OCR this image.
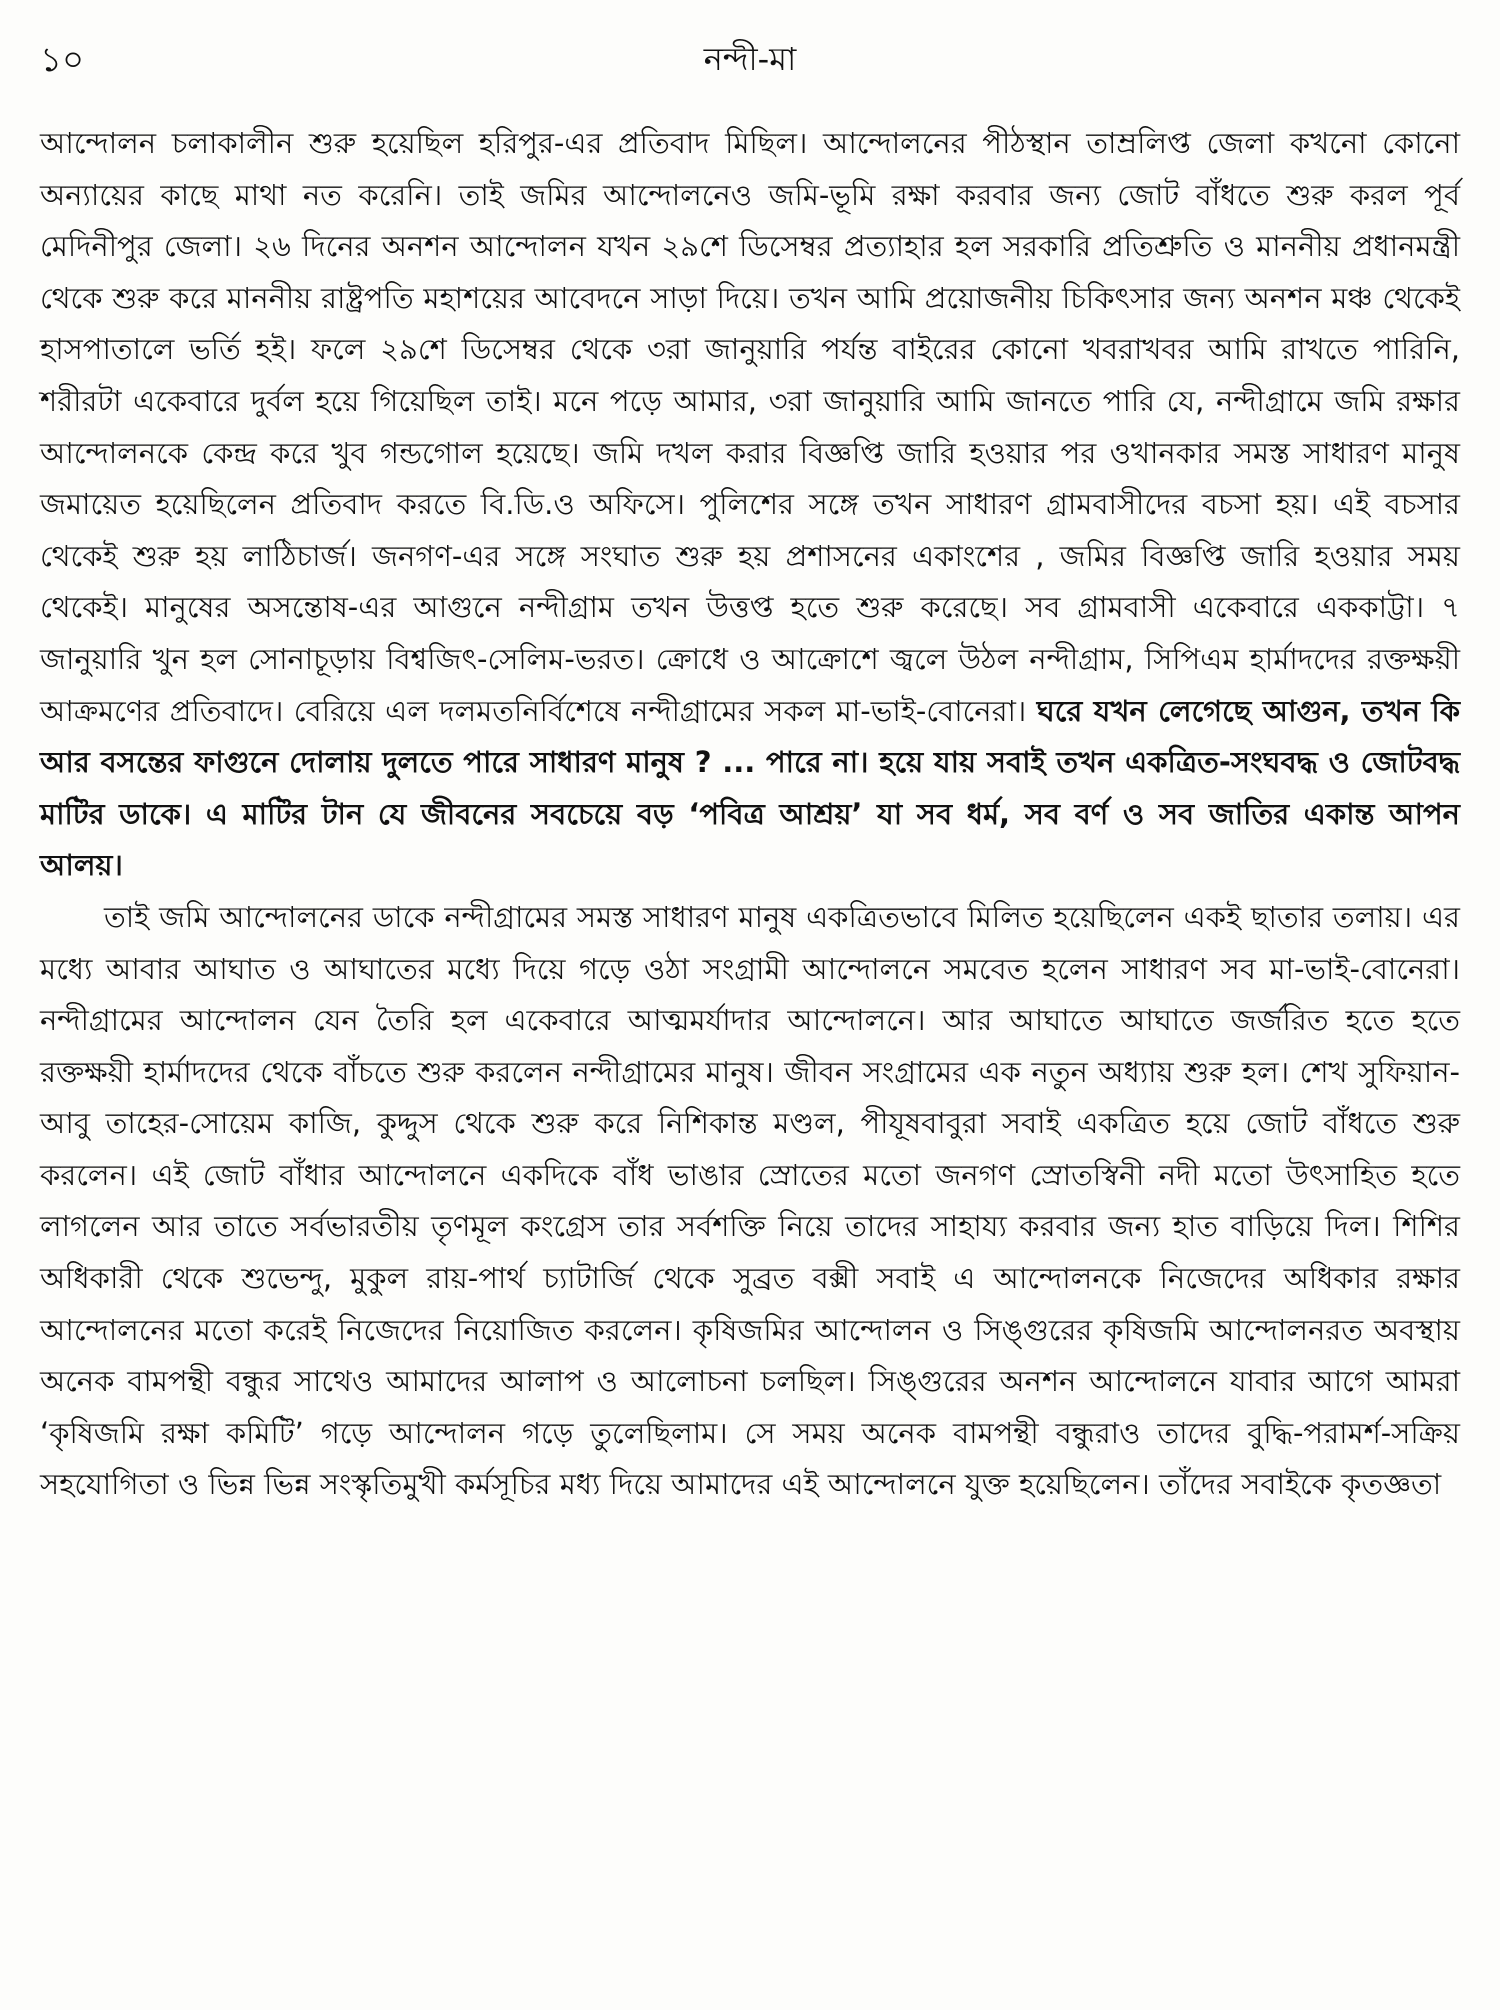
১০	নন্দী-মা

আন্দোলন চলাকালীন শুরু হয়েছিল হরিপুর-এর প্রতিবাদ মিছিল। আন্দোলনের পীঠস্থান তাম্রলিপ্ত জেলা কখনো কোনো অন্যায়ের কাছে মাথা নত করেনি। তাই জমির আন্দোলনেও জমি-ভূমি রক্ষা করবার জন্য জোট বাঁধতে শুরু করল পূর্ব মেদিনীপুর জেলা। ২৬ দিনের অনশন আন্দোলন যখন ২৯শে ডিসেম্বর প্রত্যাহার হল সরকারি প্রতিশ্রুতি ও মাননীয় প্রধানমন্ত্রী থেকে শুরু করে মাননীয় রাষ্ট্রপতি মহাশয়ের আবেদনে সাড়া দিয়ে। তখন আমি প্রয়োজনীয় চিকিৎসার জন্য অনশন মঞ্চ থেকেই হাসপাতালে ভর্তি হই। ফলে ২৯শে ডিসেম্বর থেকে ৩রা জানুয়ারি পর্যন্ত বাইরের কোনো খবরাখবর আমি রাখতে পারিনি, শরীরটা একেবারে দুর্বল হয়ে গিয়েছিল তাই। মনে পড়ে আমার, ৩রা জানুয়ারি আমি জানতে পারি যে, নন্দীগ্রামে জমি রক্ষার আন্দোলনকে কেন্দ্র করে খুব গন্ডগোল হয়েছে। জমি দখল করার বিজ্ঞপ্তি জারি হওয়ার পর ওখানকার সমস্ত সাধারণ মানুষ জমায়েত হয়েছিলেন প্রতিবাদ করতে বি.ডি.ও অফিসে। পুলিশের সঙ্গে তখন সাধারণ গ্রামবাসীদের বচসা হয়। এই বচসার থেকেই শুরু হয় লাঠিচার্জ। জনগণ-এর সঙ্গে সংঘাত শুরু হয় প্রশাসনের একাংশের , জমির বিজ্ঞপ্তি জারি হওয়ার সময় থেকেই। মানুষের অসন্তোষ-এর আগুনে নন্দীগ্রাম তখন উত্তপ্ত হতে শুরু করেছে। সব গ্রামবাসী একেবারে এককাট্টা। ৭ জানুয়ারি খুন হল সোনাচূড়ায় বিশ্বজিৎ-সেলিম-ভরত। ক্রোধে ও আক্রোশে জ্বলে উঠল নন্দীগ্রাম, সিপিএম হার্মাদদের রক্তক্ষয়ী আক্রমণের প্রতিবাদে। বেরিয়ে এল দলমতনির্বিশেষে নন্দীগ্রামের সকল মা-ভাই-বোনেরা। ঘরে যখন লেগেছে আগুন, তখন কি আর বসন্তের ফাগুনে দোলায় দুলতে পারে সাধারণ মানুষ ? ... পারে না। হয়ে যায় সবাই তখন একত্রিত-সংঘবদ্ধ ও জোটবদ্ধ মাটির ডাকে। এ মাটির টান যে জীবনের সবচেয়ে বড় ‘পবিত্র আশ্রয়’ যা সব ধর্ম, সব বর্ণ ও সব জাতির একান্ত আপন আলয়।

তাই জমি আন্দোলনের ডাকে নন্দীগ্রামের সমস্ত সাধারণ মানুষ একত্রিতভাবে মিলিত হয়েছিলেন একই ছাতার তলায়। এর মধ্যে আবার আঘাত ও আঘাতের মধ্যে দিয়ে গড়ে ওঠা সংগ্রামী আন্দোলনে সমবেত হলেন সাধারণ সব মা-ভাই-বোনেরা। নন্দীগ্রামের আন্দোলন যেন তৈরি হল একেবারে আত্মমর্যাদার আন্দোলনে। আর আঘাতে আঘাতে জর্জরিত হতে হতে রক্তক্ষয়ী হার্মাদদের থেকে বাঁচতে শুরু করলেন নন্দীগ্রামের মানুষ। জীবন সংগ্রামের এক নতুন অধ্যায় শুরু হল। শেখ সুফিয়ান-আবু তাহের-সোয়েম কাজি, কুদ্দুস থেকে শুরু করে নিশিকান্ত মণ্ডল, পীযূষবাবুরা সবাই একত্রিত হয়ে জোট বাঁধতে শুরু করলেন। এই জোট বাঁধার আন্দোলনে একদিকে বাঁধ ভাঙার স্রোতের মতো জনগণ স্রোতস্বিনী নদী মতো উৎসাহিত হতে লাগলেন আর তাতে সর্বভারতীয় তৃণমূল কংগ্রেস তার সর্বশক্তি নিয়ে তাদের সাহায্য করবার জন্য হাত বাড়িয়ে দিল। শিশির অধিকারী থেকে শুভেন্দু, মুকুল রায়-পার্থ চ্যাটার্জি থেকে সুব্রত বক্সী সবাই এ আন্দোলনকে নিজেদের অধিকার রক্ষার আন্দোলনের মতো করেই নিজেদের নিয়োজিত করলেন। কৃষিজমির আন্দোলন ও সিঙ্গুরের কৃষিজমি আন্দোলনরত অবস্থায় অনেক বামপন্থী বন্ধুর সাথেও আমাদের আলাপ ও আলোচনা চলছিল। সিঙ্গুরের অনশন আন্দোলনে যাবার আগে আমরা ‘কৃষিজমি রক্ষা কমিটি’ গড়ে আন্দোলন গড়ে তুলেছিলাম। সে সময় অনেক বামপন্থী বন্ধুরাও তাদের বুদ্ধি-পরামর্শ-সক্রিয় সহযোগিতা ও ভিন্ন ভিন্ন সংস্কৃতিমুখী কর্মসূচির মধ্য দিয়ে আমাদের এই আন্দোলনে যুক্ত হয়েছিলেন। তাঁদের সবাইকে কৃতজ্ঞতা
